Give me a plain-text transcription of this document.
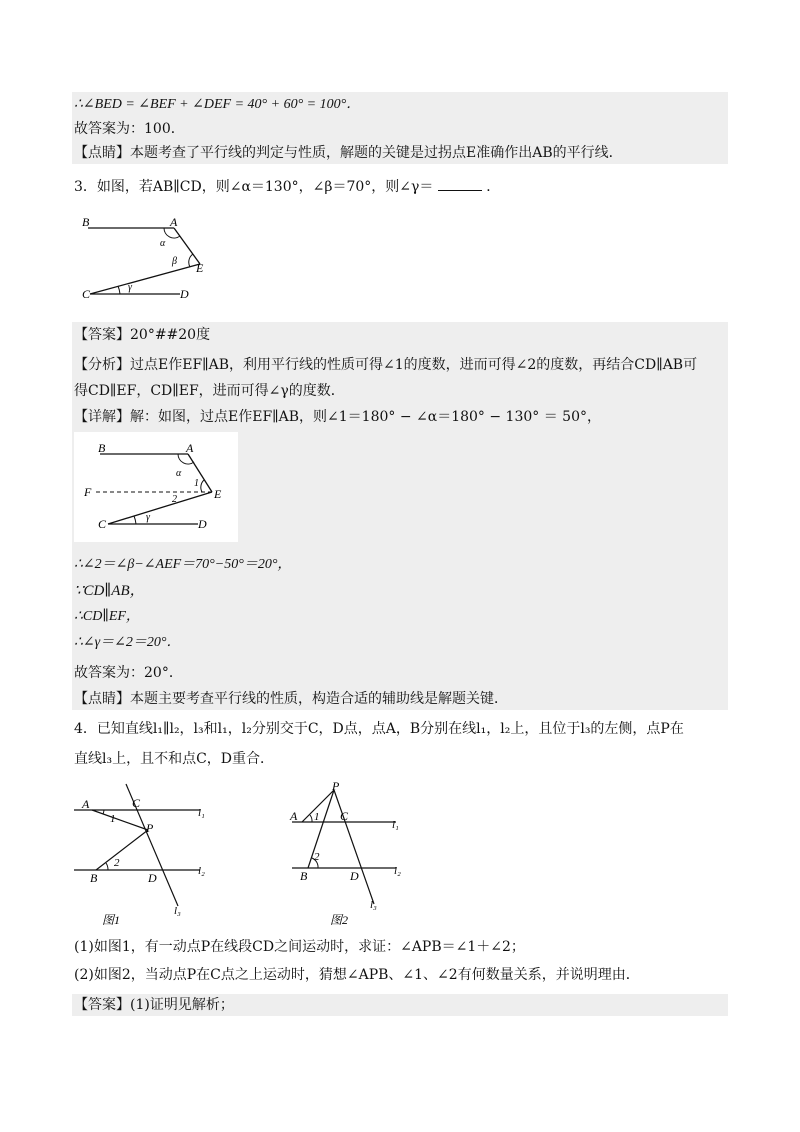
∴∠BED = ∠BEF + ∠DEF = 40° + 60° = 100°．
故答案为：100．
【点睛】本题考查了平行线的判定与性质，解题的关键是过拐点E准确作出AB的平行线．
3．如图，若AB∥CD，则∠α＝130°，∠β＝70°，则∠γ＝	．
B	A
E
C	D
α
β
γ
【答案】20°##20度
【分析】过点E作EF∥AB，利用平行线的性质可得∠1的度数，进而可得∠2的度数，再结合CD∥AB可
得CD∥EF，CD∥EF，进而可得∠γ的度数．
【详解】解：如图，过点E作EF∥AB，则∠1＝180° − ∠α＝180° − 130° ＝ 50°，
B	A
F	E
C	D
α
1
2
γ
∴∠2＝∠β−∠AEF＝70°−50°＝20°，
∵CD∥AB，
∴CD∥EF，
∴∠γ＝∠2＝20°．
故答案为：20°．
【点睛】本题主要考查平行线的性质，构造合适的辅助线是解题关键．
4．已知直线l₁∥l₂，l₃和l₁，l₂分别交于C，D点，点A，B分别在线l₁，l₂上，且位于l₃的左侧，点P在
直线l₃上，且不和点C，D重合．
A	C
l₁
1
P
2
l₂
B	D
l₃
图1
P
A 1 C
l₁
2
l₂
B	D
l₃
图2
(1)如图1，有一动点P在线段CD之间运动时，求证：∠APB＝∠1＋∠2；
(2)如图2，当动点P在C点之上运动时，猜想∠APB、∠1、∠2有何数量关系，并说明理由．
【答案】(1)证明见解析；
